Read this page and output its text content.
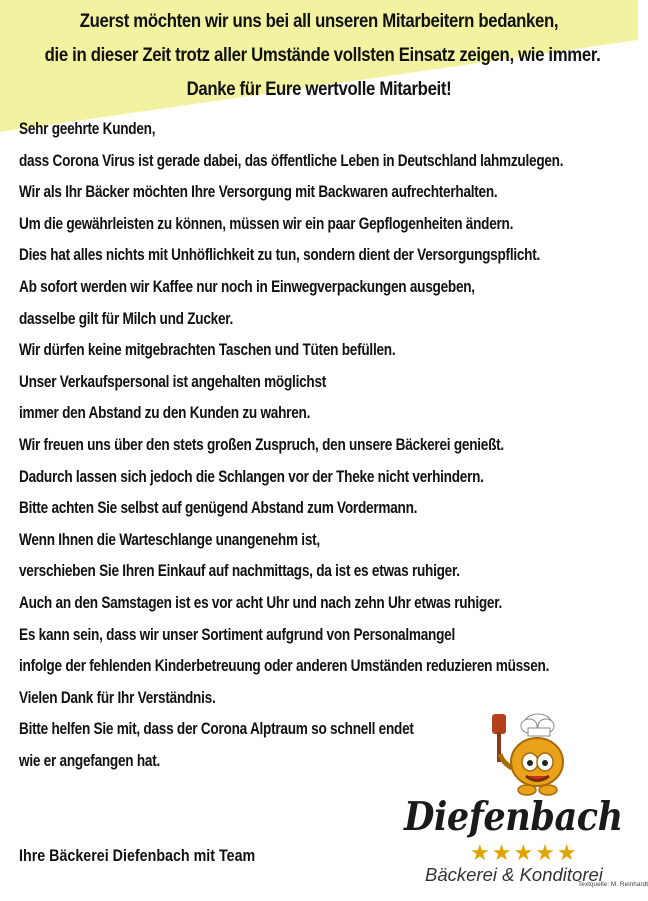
Zuerst möchten wir uns bei all unseren Mitarbeitern bedanken,
die in dieser Zeit trotz aller Umstände vollsten Einsatz zeigen, wie immer.
Danke für Eure wertvolle Mitarbeit!
Sehr geehrte Kunden,
dass Corona Virus ist gerade dabei, das öffentliche Leben in Deutschland lahmzulegen.
Wir als Ihr Bäcker möchten Ihre Versorgung mit Backwaren aufrechterhalten.
Um die gewährleisten zu können, müssen wir ein paar Gepflogenheiten ändern.
Dies hat alles nichts mit Unhöflichkeit zu tun, sondern dient der Versorgungspflicht.
Ab sofort werden wir Kaffee nur noch in Einwegverpackungen ausgeben,
dasselbe gilt für Milch und Zucker.
Wir dürfen keine mitgebrachten Taschen und Tüten befüllen.
Unser Verkaufspersonal ist angehalten möglichst
immer den Abstand zu den Kunden zu wahren.
Wir freuen uns über den stets großen Zuspruch, den unsere Bäckerei genießt.
Dadurch lassen sich jedoch die Schlangen vor der Theke nicht verhindern.
Bitte achten Sie selbst auf genügend Abstand zum Vordermann.
Wenn Ihnen die Warteschlange unangenehm ist,
verschieben Sie Ihren Einkauf auf nachmittags, da ist es etwas ruhiger.
Auch an den Samstagen ist es vor acht Uhr und nach zehn Uhr etwas ruhiger.
Es kann sein, dass wir unser Sortiment aufgrund von Personalmangel
infolge der fehlenden Kinderbetreuung oder anderen Umständen reduzieren müssen.
Vielen Dank für Ihr Verständnis.
Bitte helfen Sie mit, dass der Corona Alptraum so schnell endet
wie er angefangen hat.
Ihre Bäckerei Diefenbach mit Team
Diefenbach
★★★★★
Bäckerei & Konditorei
Textquelle: M. Reinhardt
